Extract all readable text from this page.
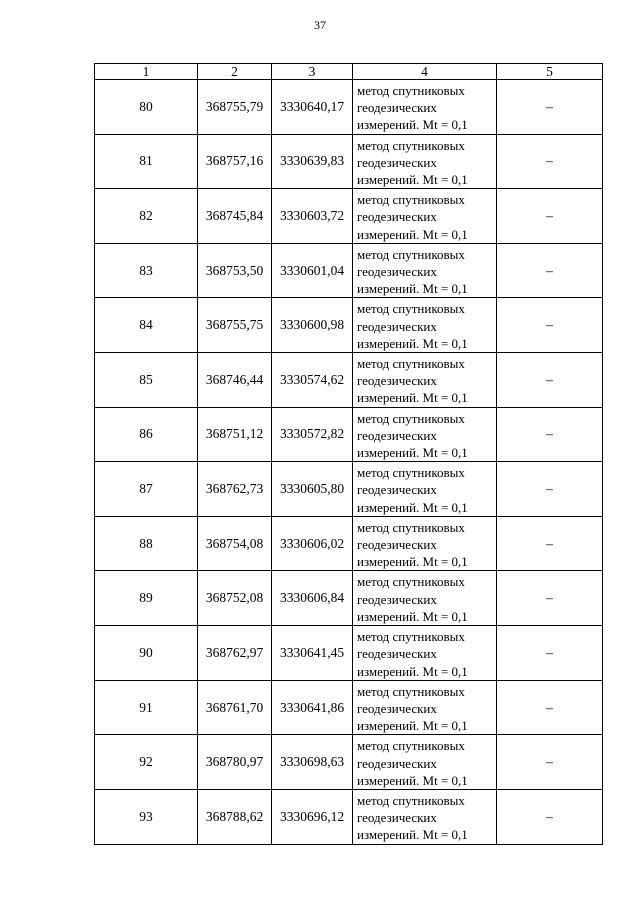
37
1	2	3	4	5
80	368755,79	3330640,17	метод спутниковых
геодезических
измерений. Mt = 0,1	–
81	368757,16	3330639,83	метод спутниковых
геодезических
измерений. Mt = 0,1	–
82	368745,84	3330603,72	метод спутниковых
геодезических
измерений. Mt = 0,1	–
83	368753,50	3330601,04	метод спутниковых
геодезических
измерений. Mt = 0,1	–
84	368755,75	3330600,98	метод спутниковых
геодезических
измерений. Mt = 0,1	–
85	368746,44	3330574,62	метод спутниковых
геодезических
измерений. Mt = 0,1	–
86	368751,12	3330572,82	метод спутниковых
геодезических
измерений. Mt = 0,1	–
87	368762,73	3330605,80	метод спутниковых
геодезических
измерений. Mt = 0,1	–
88	368754,08	3330606,02	метод спутниковых
геодезических
измерений. Mt = 0,1	–
89	368752,08	3330606,84	метод спутниковых
геодезических
измерений. Mt = 0,1	–
90	368762,97	3330641,45	метод спутниковых
геодезических
измерений. Mt = 0,1	–
91	368761,70	3330641,86	метод спутниковых
геодезических
измерений. Mt = 0,1	–
92	368780,97	3330698,63	метод спутниковых
геодезических
измерений. Mt = 0,1	–
93	368788,62	3330696,12	метод спутниковых
геодезических
измерений. Mt = 0,1	–
